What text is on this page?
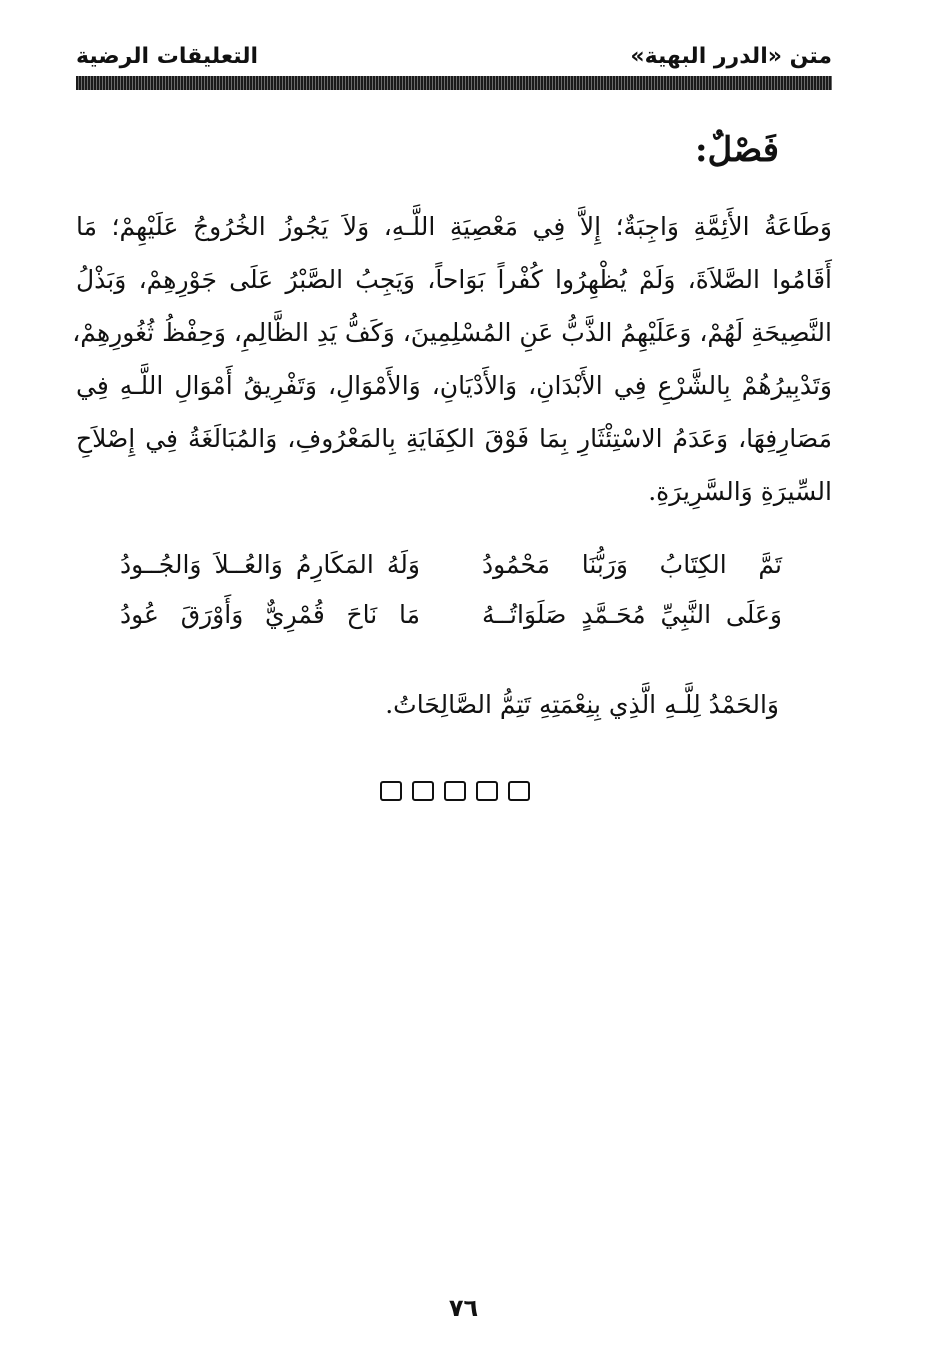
متن «الدرر البهية»
التعليقات الرضية
فَصْلٌ:
وَطَاعَةُ الأَئِمَّةِ وَاجِبَةٌ؛ إِلاَّ فِي مَعْصِيَةِ اللَّـهِ، وَلاَ يَجُوزُ الخُرُوجُ عَلَيْهِمْ؛ مَا
أَقَامُوا الصَّلاَةَ، وَلَمْ يُظْهِرُوا كُفْراً بَوَاحاً، وَيَجِبُ الصَّبْرُ عَلَى جَوْرِهِمْ، وَبَذْلُ
النَّصِيحَةِ لَهُمْ، وَعَلَيْهِمُ الذَّبُّ عَنِ المُسْلِمِينَ، وَكَفُّ يَدِ الظَّالِمِ، وَحِفْظُ ثُغُورِهِمْ،
وَتَدْبِيرُهُمْ بِالشَّرْعِ فِي الأَبْدَانِ، وَالأَدْيَانِ، وَالأَمْوَالِ، وَتَفْرِيقُ أَمْوَالِ اللَّـهِ فِي
مَصَارِفِهَا، وَعَدَمُ الاسْتِئْثَارِ بِمَا فَوْقَ الكِفَايَةِ بِالمَعْرُوفِ، وَالمُبَالَغَةُ فِي إِصْلاَحِ
السِّيرَةِ وَالسَّرِيرَةِ.
تَمَّ الكِتَابُ وَرَبُّنَا مَحْمُودُ
وَلَهُ المَكَارِمُ وَالعُــلاَ وَالجُــودُ
وَعَلَى النَّبِيِّ مُحَـمَّدٍ صَلَوَاتُــهُ
مَا نَاحَ قُمْرِيٌّ وَأَوْرَقَ عُودُ
وَالحَمْدُ لِلَّـهِ الَّذِي بِنِعْمَتِهِ تَتِمُّ الصَّالِحَاتُ.
٧٦
